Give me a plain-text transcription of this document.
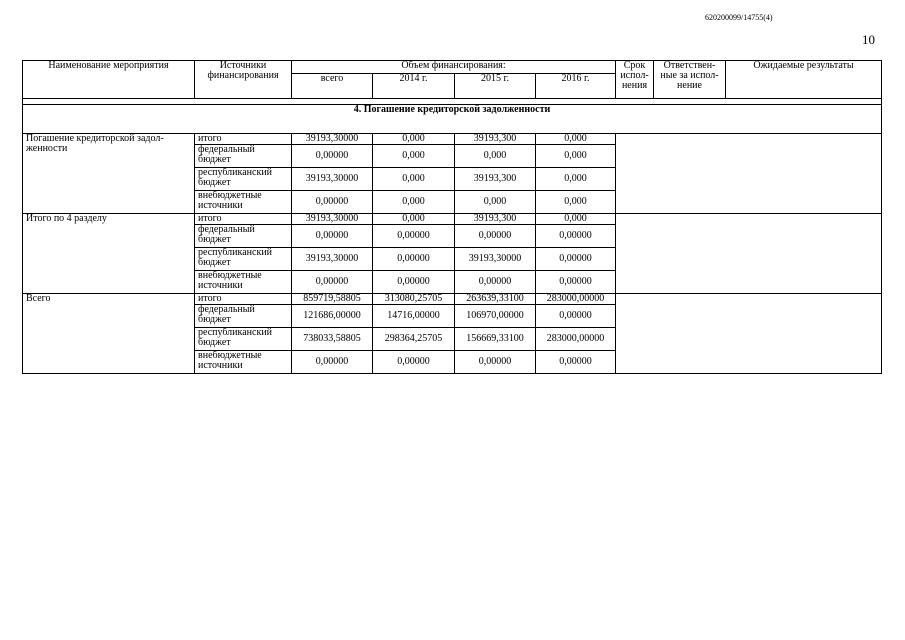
620200099/14755(4)
10
Наименование мероприятия	Источники финансирования	Объем финансирования:				Срок испол-нения	Ответствен-ные за испол-нение	Ожидаемые результаты
		всего	2014 г.	2015 г.	2016 г.			

4. Погашение кредиторской задолженности								
Погашение кредиторской задол-женности	итого	39193,30000	0,000	39193,300	0,000			
	федеральный бюджет	0,00000	0,000	0,000	0,000			
	республиканский бюджет	39193,30000	0,000	39193,300	0,000			
	внебюджетные источники	0,00000	0,000	0,000	0,000			
Итого по 4 разделу	итого	39193,30000	0,000	39193,300	0,000			
	федеральный бюджет	0,00000	0,00000	0,00000	0,00000			
	республиканский бюджет	39193,30000	0,00000	39193,30000	0,00000			
	внебюджетные источники	0,00000	0,00000	0,00000	0,00000			
Всего	итого	859719,58805	313080,25705	263639,33100	283000,00000			
	федеральный бюджет	121686,00000	14716,00000	106970,00000	0,00000			
	республиканский бюджет	738033,58805	298364,25705	156669,33100	283000,00000			
	внебюджетные источники	0,00000	0,00000	0,00000	0,00000			
